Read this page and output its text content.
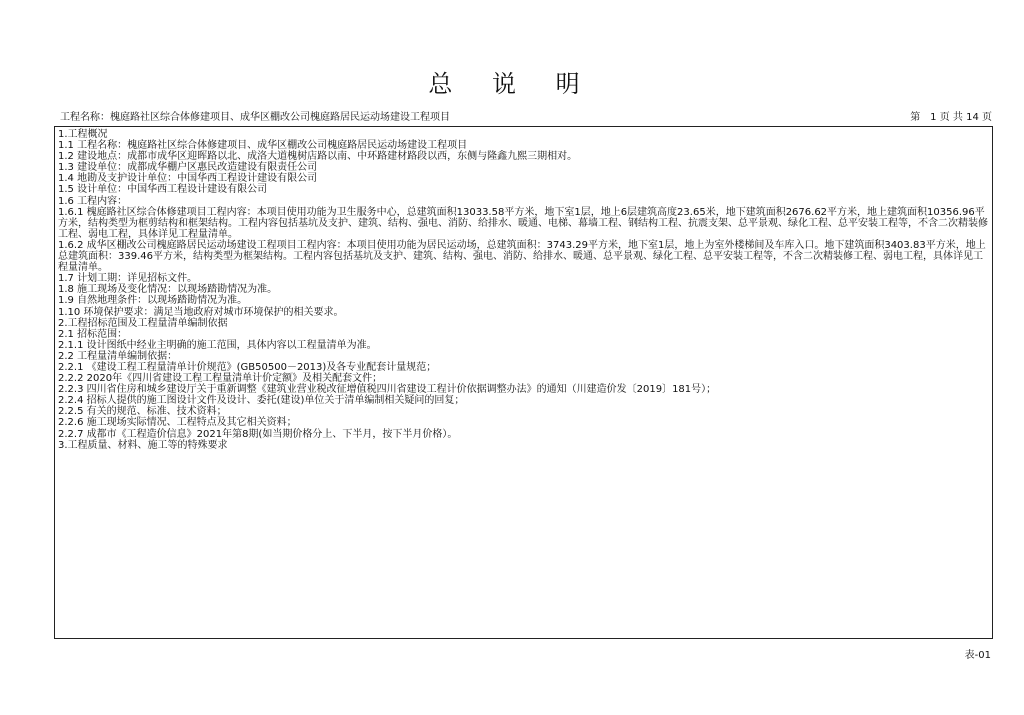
总 说 明
工程名称：槐庭路社区综合体修建项目、成华区棚改公司槐庭路居民运动场建设工程项目	第　1 页 共 14 页
1.工程概况
1.1 工程名称：槐庭路社区综合体修建项目、成华区棚改公司槐庭路居民运动场建设工程项目
1.2 建设地点：成都市成华区迎晖路以北、成洛大道槐树店路以南、中环路建材路段以西，东侧与隆鑫九熙三期相对。
1.3 建设单位：成都成华棚户区惠民改造建设有限责任公司
1.4 地勘及支护设计单位：中国华西工程设计建设有限公司
1.5 设计单位：中国华西工程设计建设有限公司
1.6 工程内容：
1.6.1 槐庭路社区综合体修建项目工程内容：本项目使用功能为卫生服务中心，总建筑面积13033.58平方米，地下室1层，地上6层建筑高度23.65米，地下建筑面积2676.62平方米，地上建筑面积10356.96平方米，结构类型为框剪结构和框架结构。工程内容包括基坑及支护、建筑、结构、强电、消防、给排水、暖通、电梯、幕墙工程、钢结构工程、抗震支架、总平景观、绿化工程、总平安装工程等，不含二次精装修工程、弱电工程，具体详见工程量清单。
1.6.2 成华区棚改公司槐庭路居民运动场建设工程项目工程内容：本项目使用功能为居民运动场，总建筑面积：3743.29平方米，地下室1层，地上为室外楼梯间及车库入口。地下建筑面积3403.83平方米，地上总建筑面积：339.46平方米，结构类型为框架结构。工程内容包括基坑及支护、建筑、结构、强电、消防、给排水、暖通、总平景观、绿化工程、总平安装工程等，不含二次精装修工程、弱电工程，具体详见工程量清单。
1.7 计划工期：详见招标文件。
1.8 施工现场及变化情况：以现场踏勘情况为准。
1.9 自然地理条件：以现场踏勘情况为准。
1.10 环境保护要求：满足当地政府对城市环境保护的相关要求。
2.工程招标范围及工程量清单编制依据
2.1 招标范围：
2.1.1 设计图纸中经业主明确的施工范围，具体内容以工程量清单为准。
2.2 工程量清单编制依据：
2.2.1 《建设工程工程量清单计价规范》(GB50500－2013)及各专业配套计量规范；
2.2.2 2020年《四川省建设工程工程量清单计价定额》及相关配套文件；
2.2.3 四川省住房和城乡建设厅关于重新调整《建筑业营业税改征增值税四川省建设工程计价依据调整办法》的通知（川建造价发〔2019〕181号）；
2.2.4 招标人提供的施工图设计文件及设计、委托(建设)单位关于清单编制相关疑问的回复；
2.2.5 有关的规范、标准、技术资料；
2.2.6 施工现场实际情况、工程特点及其它相关资料；
2.2.7 成都市《工程造价信息》2021年第8期(如当期价格分上、下半月，按下半月价格）。
3.工程质量、材料、施工等的特殊要求
表-01
